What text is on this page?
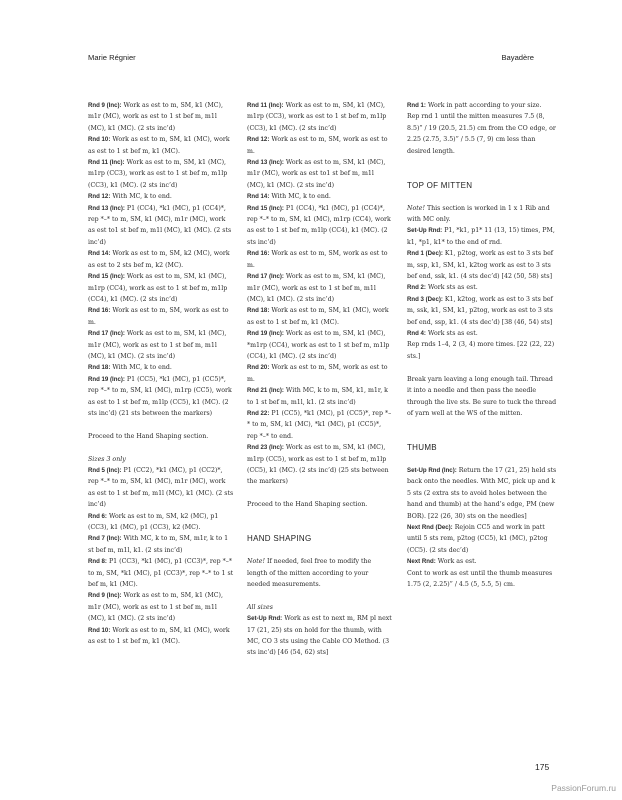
Marie Régnier	Bayadère

Rnd 9 (Inc): Work as est to m, SM, k1 (MC), m1r (MC), work as est to 1 st bef m, m1l (MC), k1 (MC). (2 sts inc’d)

Rnd 10: Work as est to m, SM, k1 (MC), work as est to 1 st bef m, k1 (MC).

Rnd 11 (Inc): Work as est to m, SM, k1 (MC), m1rp (CC3), work as est to 1 st bef m, m1lp (CC3), k1 (MC). (2 sts inc’d)

Rnd 12: With MC, k to end.

Rnd 13 (Inc): P1 (CC4), *k1 (MC), p1 (CC4)*, rep *–* to m, SM, k1 (MC), m1r (MC), work as est to1 st bef m, m1l (MC), k1 (MC). (2 sts inc’d)

Rnd 14: Work as est to m, SM, k2 (MC), work as est to 2 sts bef m, k2 (MC).

Rnd 15 (Inc): Work as est to m, SM, k1 (MC), m1rp (CC4), work as est to 1 st bef m, m1lp (CC4), k1 (MC). (2 sts inc’d)

Rnd 16: Work as est to m, SM, work as est to m.

Rnd 17 (Inc): Work as est to m, SM, k1 (MC), m1r (MC), work as est to 1 st bef m, m1l (MC), k1 (MC). (2 sts inc’d)

Rnd 18: With MC, k to end.

Rnd 19 (Inc): P1 (CC5), *k1 (MC), p1 (CC5)*, rep *–* to m, SM, k1 (MC), m1rp (CC5), work as est to 1 st bef m, m1lp (CC5), k1 (MC). (2 sts inc’d) (21 sts between the markers)

Proceed to the Hand Shaping section.

Sizes 3 only

Rnd 5 (Inc): P1 (CC2), *k1 (MC), p1 (CC2)*, rep *–* to m, SM, k1 (MC), m1r (MC), work as est to 1 st bef m, m1l (MC), k1 (MC). (2 sts inc’d)

Rnd 6: Work as est to m, SM, k2 (MC), p1 (CC3), k1 (MC), p1 (CC3), k2 (MC).

Rnd 7 (Inc): With MC, k to m, SM, m1r, k to 1 st bef m, m1l, k1. (2 sts inc’d)

Rnd 8: P1 (CC3), *k1 (MC), p1 (CC3)*, rep *–* to m, SM, *k1 (MC), p1 (CC3)*, rep *–* to 1 st bef m, k1 (MC).

Rnd 9 (Inc): Work as est to m, SM, k1 (MC), m1r (MC), work as est to 1 st bef m, m1l (MC), k1 (MC). (2 sts inc’d)

Rnd 10: Work as est to m, SM, k1 (MC), work as est to 1 st bef m, k1 (MC).

Rnd 11 (Inc): Work as est to m, SM, k1 (MC), m1rp (CC3), work as est to 1 st bef m, m1lp (CC3), k1 (MC). (2 sts inc’d)

Rnd 12: Work as est to m, SM, work as est to m.

Rnd 13 (Inc): Work as est to m, SM, k1 (MC), m1r (MC), work as est to1 st bef m, m1l (MC), k1 (MC). (2 sts inc’d)

Rnd 14: With MC, k to end.

Rnd 15 (Inc): P1 (CC4), *k1 (MC), p1 (CC4)*, rep *–* to m, SM, k1 (MC), m1rp (CC4), work as est to 1 st bef m, m1lp (CC4), k1 (MC). (2 sts inc’d)

Rnd 16: Work as est to m, SM, work as est to m.

Rnd 17 (Inc): Work as est to m, SM, k1 (MC), m1r (MC), work as est to 1 st bef m, m1l (MC), k1 (MC). (2 sts inc’d)

Rnd 18: Work as est to m, SM, k1 (MC), work as est to 1 st bef m, k1 (MC).

Rnd 19 (Inc): Work as est to m, SM, k1 (MC), *m1rp (CC4), work as est to 1 st bef m, m1lp (CC4), k1 (MC). (2 sts inc’d)

Rnd 20: Work as est to m, SM, work as est to m.

Rnd 21 (Inc): With MC, k to m, SM, k1, m1r, k to 1 st bef m, m1l, k1. (2 sts inc’d)

Rnd 22: P1 (CC5), *k1 (MC), p1 (CC5)*, rep *–* to m, SM, k1 (MC), *k1 (MC), p1 (CC5)*, rep *–* to end.

Rnd 23 (Inc): Work as est to m, SM, k1 (MC), m1rp (CC5), work as est to 1 st bef m, m1lp (CC5), k1 (MC). (2 sts inc’d) (25 sts between the markers)

Proceed to the Hand Shaping section.

HAND SHAPING

Note! If needed, feel free to modify the length of the mitten according to your needed measurements.

All sizes

Set-Up Rnd: Work as est to next m, RM pl next 17 (21, 25) sts on hold for the thumb, with MC, CO 3 sts using the Cable CO Method. (3 sts inc’d) [46 (54, 62) sts]

Rnd 1: Work in patt according to your size.

Rep rnd 1 until the mitten measures 7.5 (8, 8.5)” / 19 (20.5, 21.5) cm from the CO edge, or 2.25 (2.75, 3.5)” / 5.5 (7, 9) cm less than desired length.

TOP OF MITTEN

Note! This section is worked in 1 x 1 Rib and with MC only.

Set-Up Rnd: P1, *k1, p1* 11 (13, 15) times, PM, k1, *p1, k1* to the end of rnd.

Rnd 1 (Dec): K1, p2tog, work as est to 3 sts bef m, ssp, k1, SM, k1, k2tog work as est to 3 sts bef end, ssk, k1. (4 sts dec’d) [42 (50, 58) sts]

Rnd 2: Work sts as est.

Rnd 3 (Dec): K1, k2tog, work as est to 3 sts bef m, ssk, k1, SM, k1, p2tog, work as est to 3 sts bef end, ssp, k1. (4 sts dec’d) [38 (46, 54) sts]

Rnd 4: Work sts as est.

Rep rnds 1–4, 2 (3, 4) more times. [22 (22, 22) sts.]

Break yarn leaving a long enough tail. Thread it into a needle and then pass the needle through the live sts. Be sure to tuck the thread of yarn well at the WS of the mitten.

THUMB

Set-Up Rnd (Inc): Return the 17 (21, 25) held sts back onto the needles. With MC, pick up and k 5 sts (2 extra sts to avoid holes between the hand and thumb) at the hand’s edge, PM (new BOR). [22 (26, 30) sts on the needles]

Next Rnd (Dec): Rejoin CC5 and work in patt until 5 sts rem, p2tog (CC5), k1 (MC), p2tog (CC5). (2 sts dec’d)

Next Rnd: Work as est.

Cont to work as est until the thumb measures 1.75 (2, 2.25)” / 4.5 (5, 5.5, 5) cm.

175
PassionForum.ru
